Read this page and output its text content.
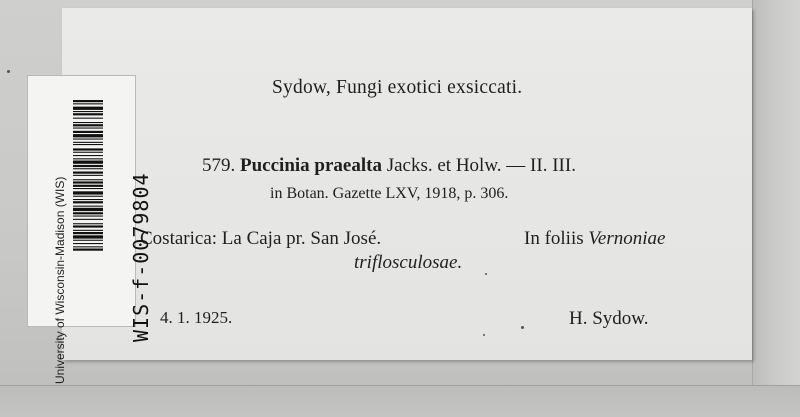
Sydow, Fungi exotici exsiccati.
579. Puccinia praealta Jacks. et Holw. — II. III.
in Botan. Gazette LXV, 1918, p. 306.
Costarica: La Caja pr. San José.	In foliis Vernoniae
triflosculosae.
4. 1. 1925.	H. Sydow.
University of Wisconsin-Madison (WIS)	WIS-f-0079804
